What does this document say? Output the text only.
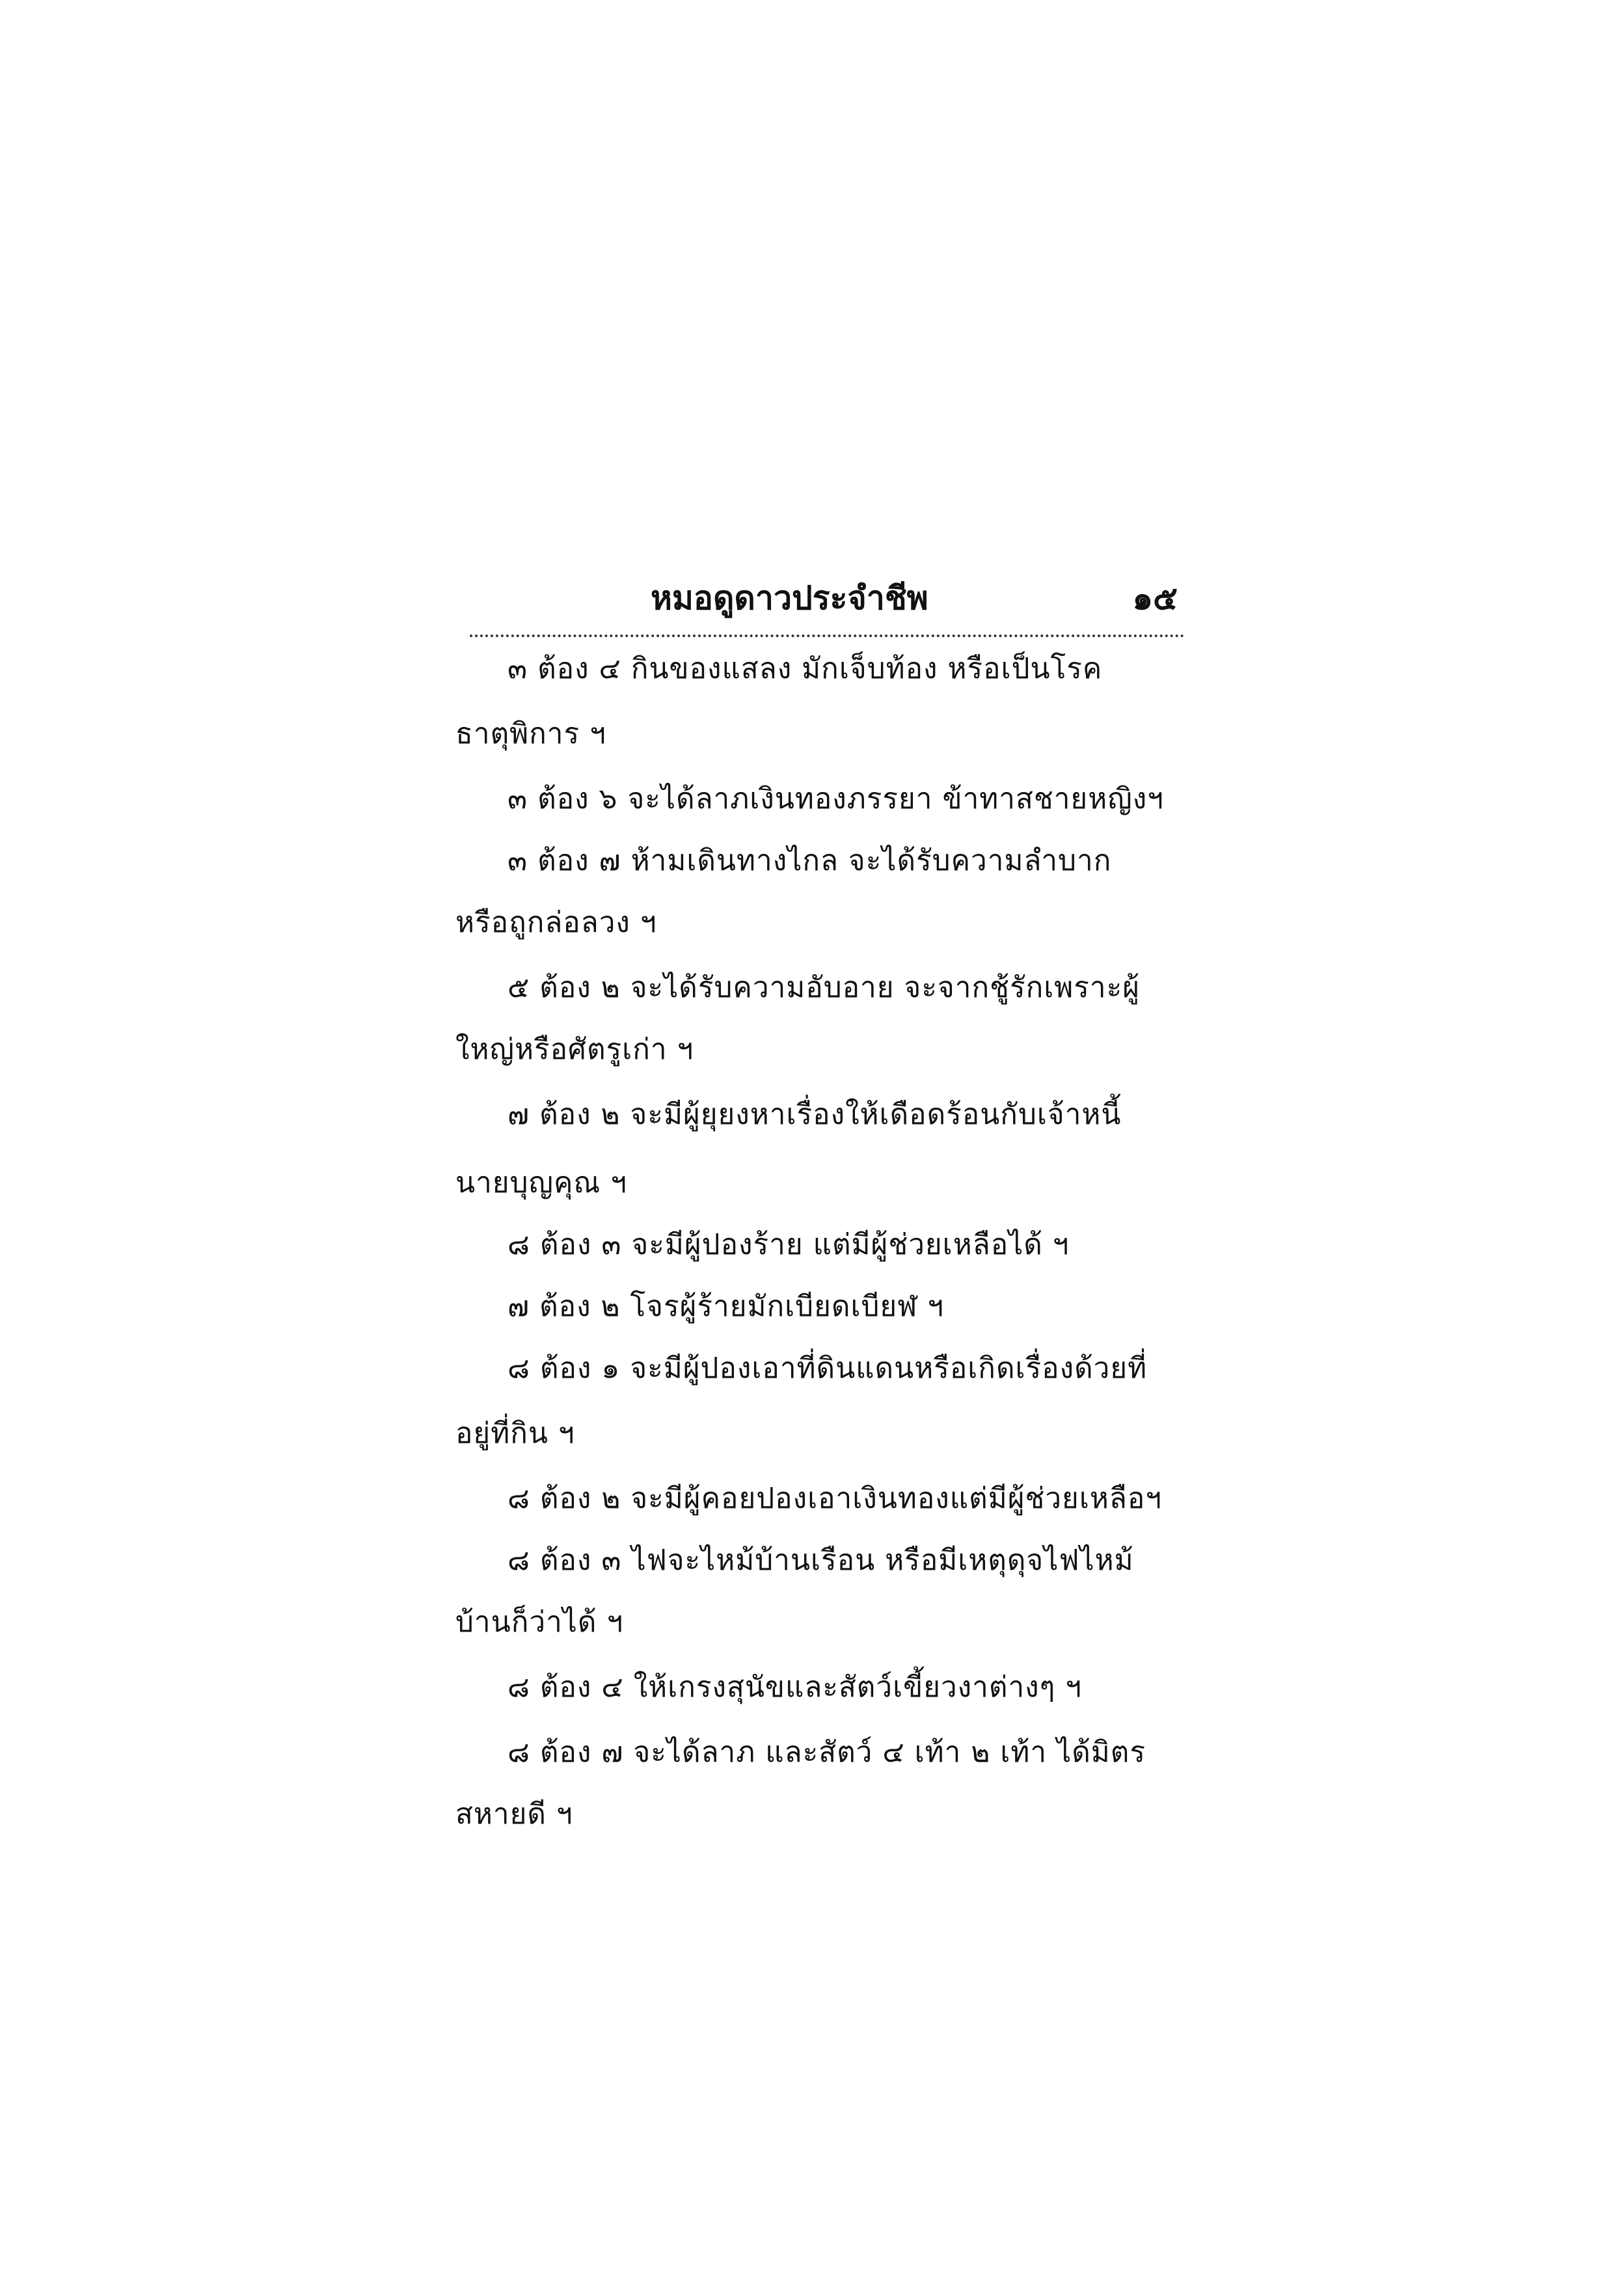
หมอดูดาวประจำชีพ	๑๕
๓ ต้อง ๔ กินของแสลง มักเจ็บท้อง หรือเป็นโรค
ธาตุพิการ ฯ
๓ ต้อง ๖ จะได้ลาภเงินทองภรรยา ข้าทาสชายหญิงฯ
๓ ต้อง ๗ ห้ามเดินทางไกล จะได้รับความลำบาก
หรือถูกล่อลวง ฯ
๕ ต้อง ๒ จะได้รับความอับอาย จะจากชู้รักเพราะผู้
ใหญ่หรือศัตรูเก่า ฯ
๗ ต้อง ๒ จะมีผู้ยุยงหาเรื่องให้เดือดร้อนกับเจ้าหนี้
นายบุญคุณ ฯ
๘ ต้อง ๓ จะมีผู้ปองร้าย แต่มีผู้ช่วยเหลือได้ ฯ
๗ ต้อง ๒ โจรผู้ร้ายมักเบียดเบียฬ ฯ
๘ ต้อง ๑ จะมีผู้ปองเอาที่ดินแดนหรือเกิดเรื่องด้วยที่
อยู่ที่กิน ฯ
๘ ต้อง ๒ จะมีผู้คอยปองเอาเงินทองแต่มีผู้ช่วยเหลือฯ
๘ ต้อง ๓ ไฟจะไหม้บ้านเรือน หรือมีเหตุดุจไฟไหม้
บ้านก็ว่าได้ ฯ
๘ ต้อง ๔ ให้เกรงสุนัขและสัตว์เขี้ยวงาต่างๆ ฯ
๘ ต้อง ๗ จะได้ลาภ และสัตว์ ๔ เท้า ๒ เท้า ได้มิตร
สหายดี ฯ
